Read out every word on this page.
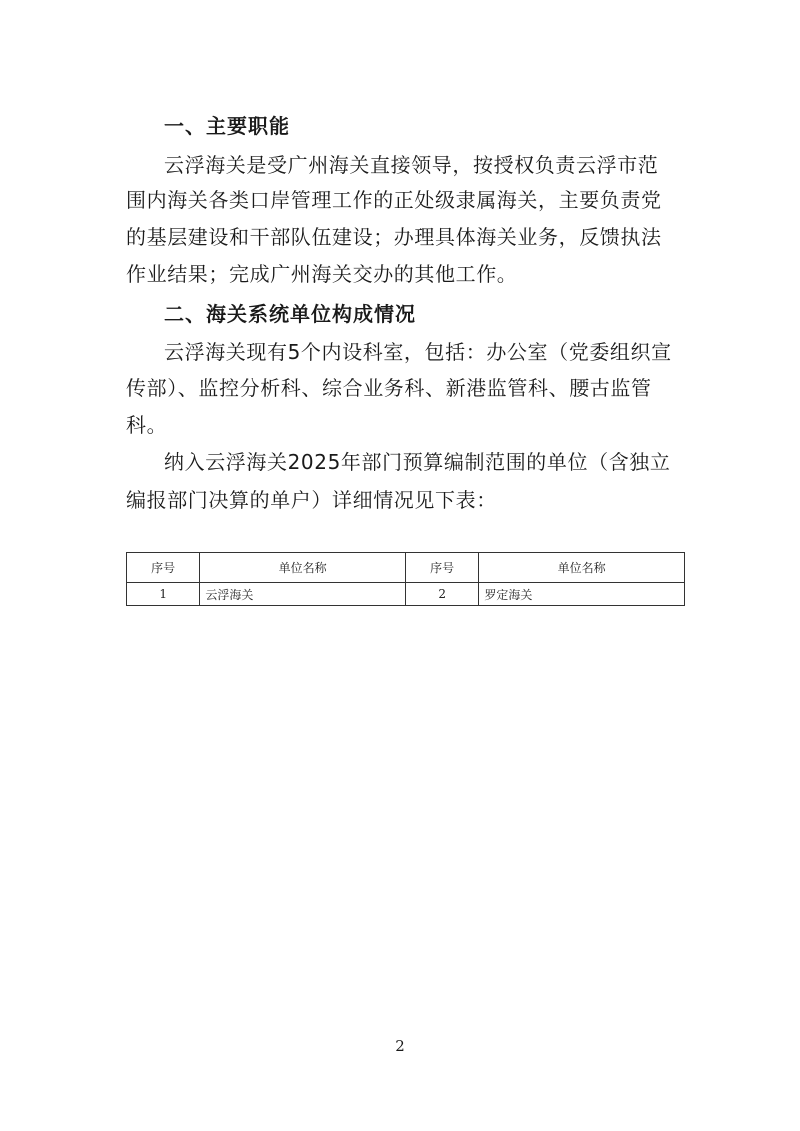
一、主要职能
云浮海关是受广州海关直接领导，按授权负责云浮市范
围内海关各类口岸管理工作的正处级隶属海关，主要负责党
的基层建设和干部队伍建设；办理具体海关业务，反馈执法
作业结果；完成广州海关交办的其他工作。
二、海关系统单位构成情况
云浮海关现有5个内设科室，包括：办公室（党委组织宣
传部）、监控分析科、综合业务科、新港监管科、腰古监管
科。
纳入云浮海关2025年部门预算编制范围的单位（含独立
编报部门决算的单户）详细情况见下表：
序号	单位名称	序号	单位名称
1	云浮海关	2	罗定海关
2
